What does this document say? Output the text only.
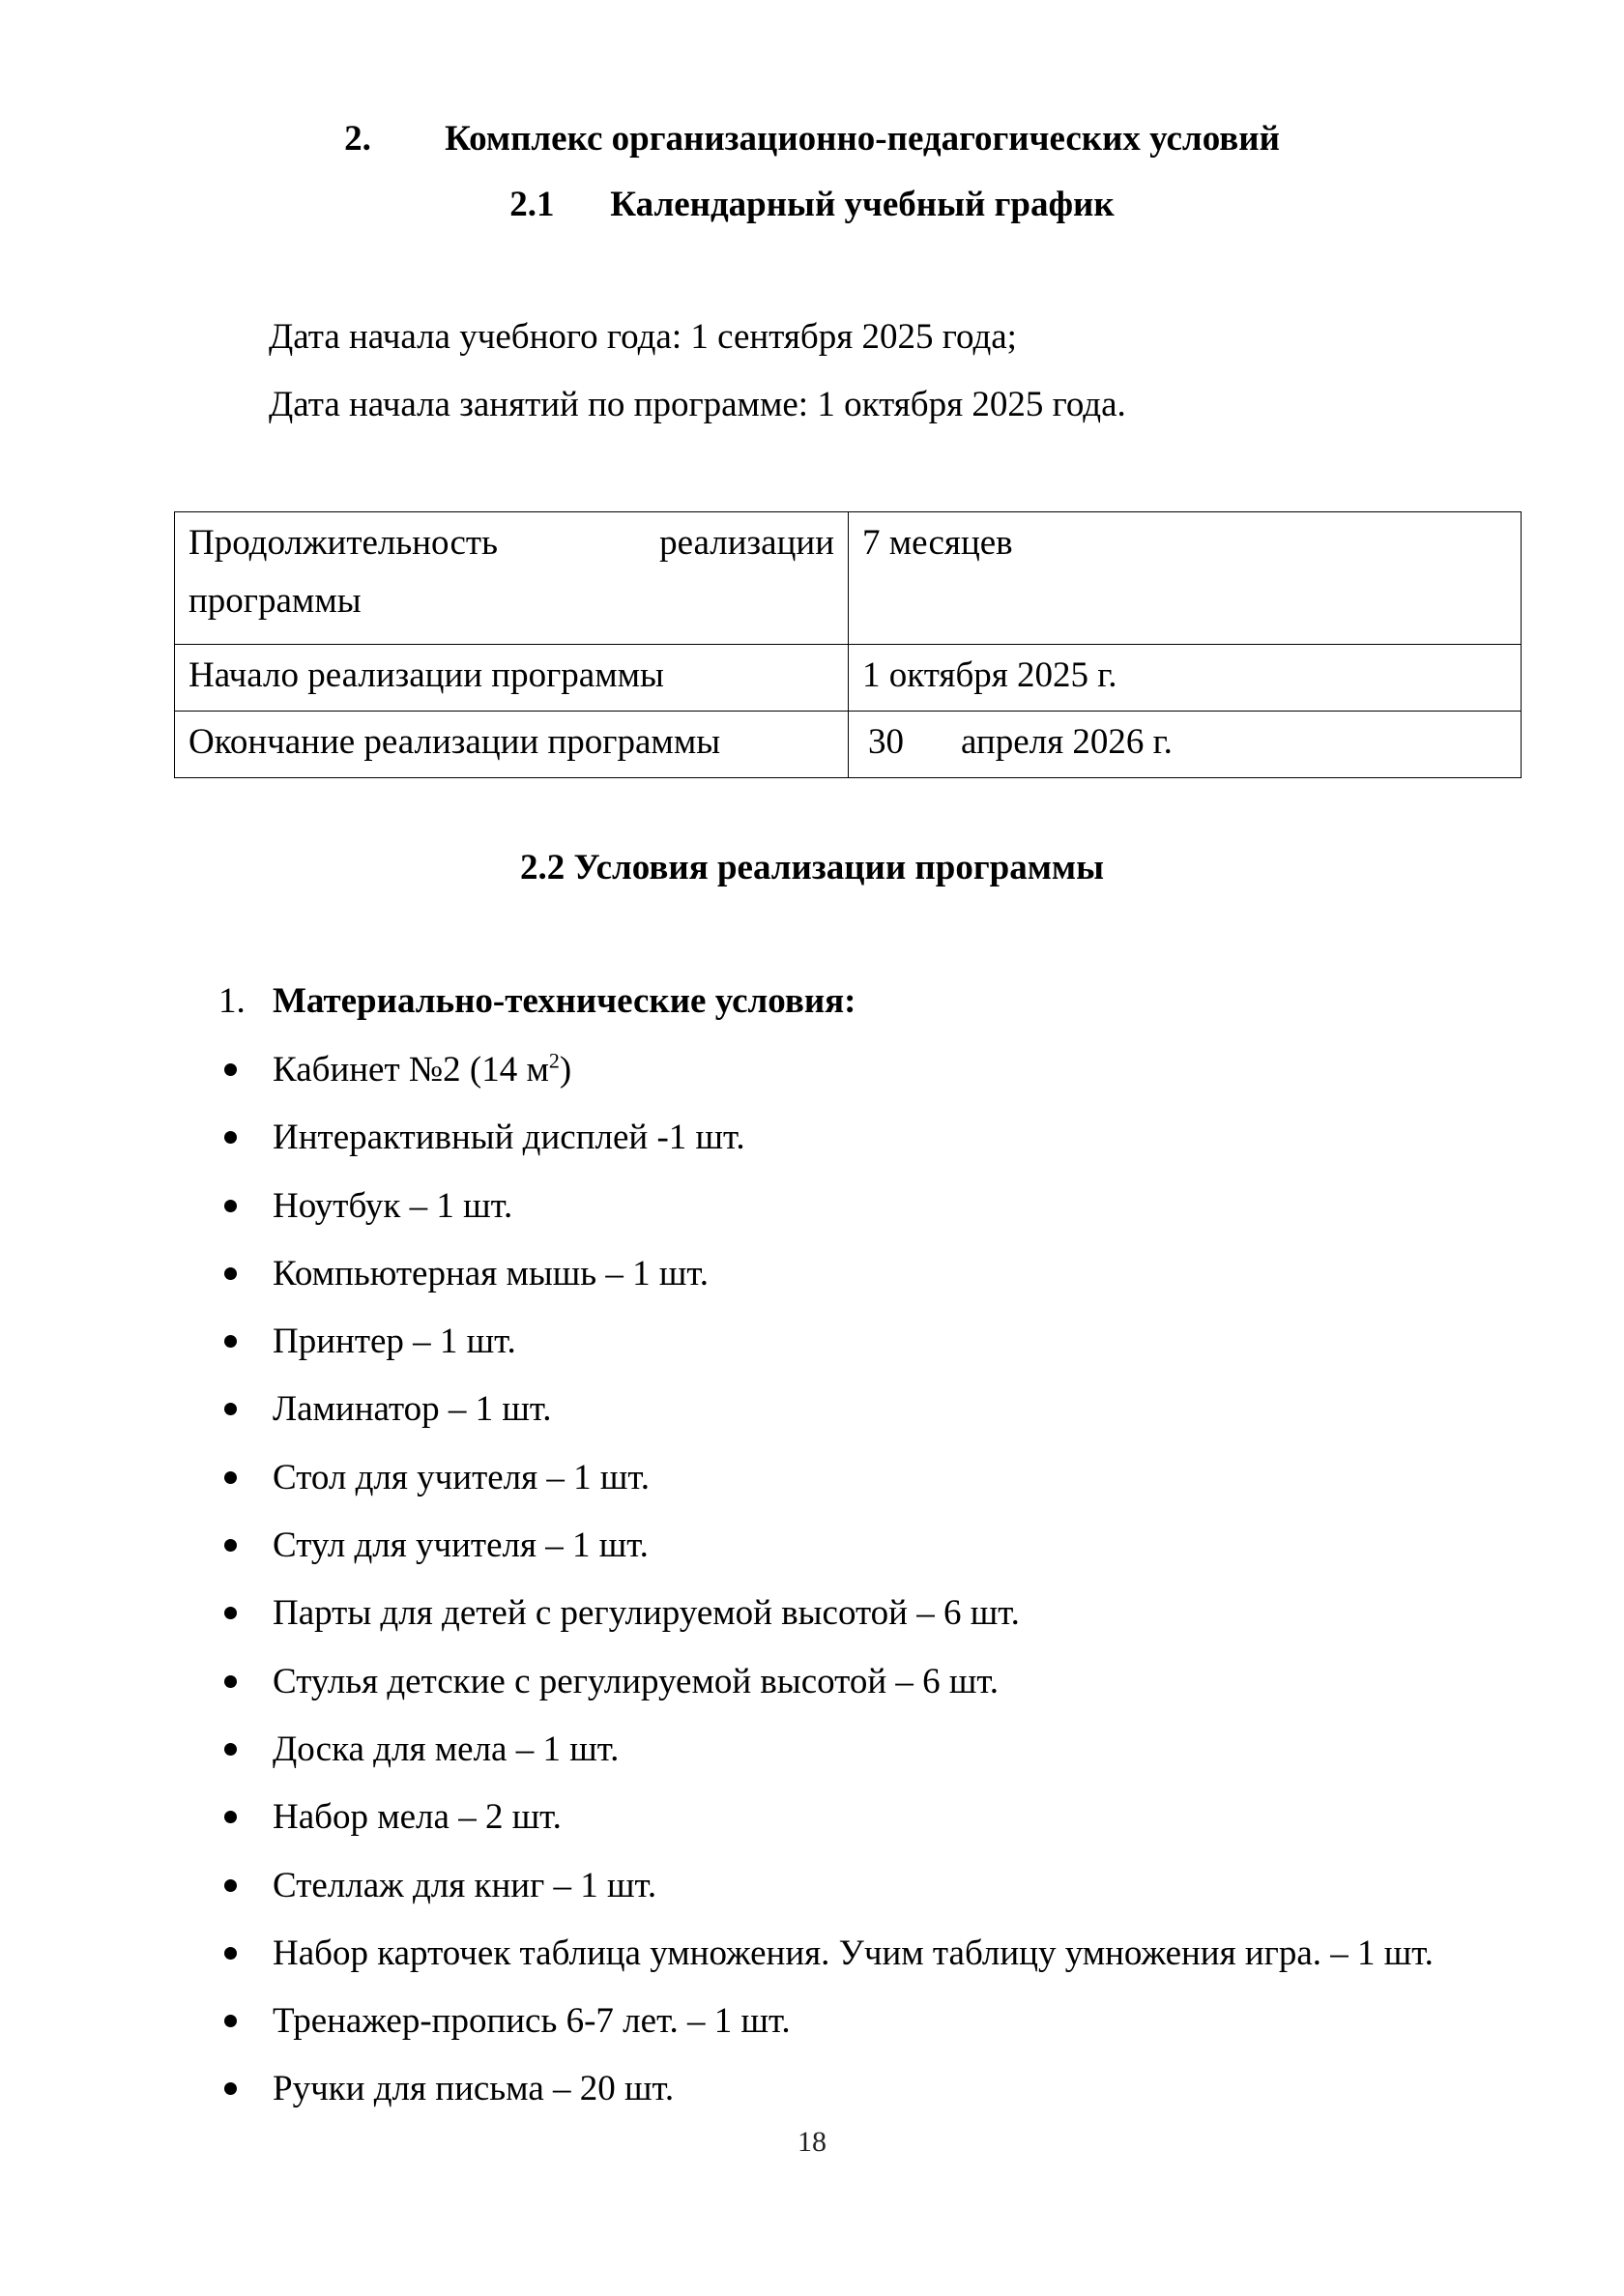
2. Комплекс организационно-педагогических условий
2.1 Календарный учебный график
Дата начала учебного года: 1 сентября 2025 года;
Дата начала занятий по программе: 1 октября 2025 года.
Продолжительность реализации
программы	7 месяцев

Начало реализации программы	1 октября 2025 г.
Окончание реализации программы	30 апреля 2026 г.
2.2 Условия реализации программы
1. Материально-технические условия:
Кабинет №2 (14 $м^2$)
Интерактивный дисплей -1 шт.
Ноутбук – 1 шт.
Компьютерная мышь – 1 шт.
Принтер – 1 шт.
Ламинатор – 1 шт.
Стол для учителя – 1 шт.
Стул для учителя – 1 шт.
Парты для детей с регулируемой высотой – 6 шт.
Стулья детские с регулируемой высотой – 6 шт.
Доска для мела – 1 шт.
Набор мела – 2 шт.
Стеллаж для книг – 1 шт.
Набор карточек таблица умножения. Учим таблицу умножения игра. – 1 шт.
Тренажер-пропись 6-7 лет. – 1 шт.
Ручки для письма – 20 шт.
18
